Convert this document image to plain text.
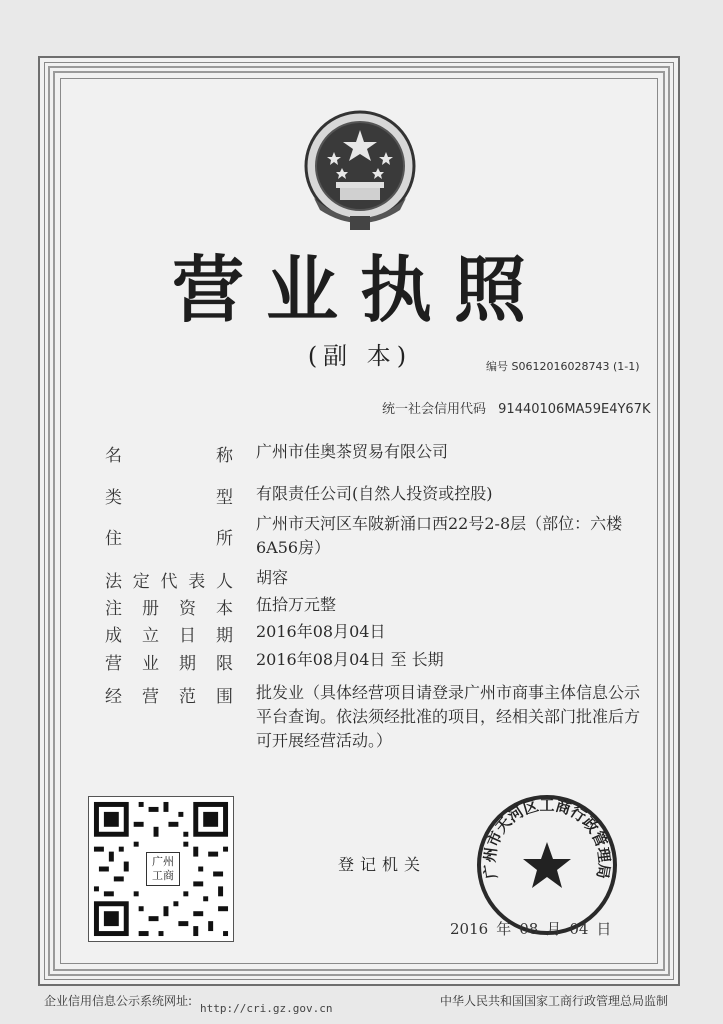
营业执照
(副 本)	编号 S0612016028743 (1-1)
统一社会信用代码 91440106MA59E4Y67K
名	称 广州市佳奥茶贸易有限公司
类	型 有限责任公司(自然人投资或控股)
住	所
广州市天河区车陂新涌口西22号2-8层（部位：六楼6A56房）
法 定 代 表 人 胡容
注 册 资 本 伍拾万元整
成 立 日 期 2016年08月04日
营 业 期 限 2016年08月04日 至 长期
经 营 范 围 批发业（具体经营项目请登录广州市商事主体信息公示平台查询。依法须经批准的项目，经相关部门批准后方可开展经营活动。）
广州
工商
登记机关	广州市天河区工商行政管理局
2016 年 08 月 04 日
企业信用信息公示系统网址:
http://cri.gz.gov.cn
中华人民共和国国家工商行政管理总局监制
